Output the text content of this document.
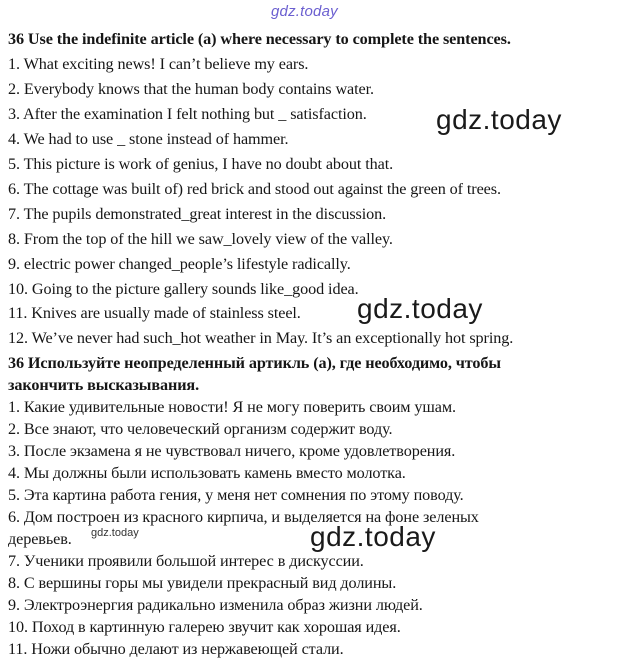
gdz.today
36 Use the indefinite article (a) where necessary to complete the sentences.
1. What exciting news! I can’t believe my ears.
2. Everybody knows that the human body contains water.
3. After the examination I felt nothing but _ satisfaction.
4. We had to use _ stone instead of hammer.
5. This picture is work of genius, I have no doubt about that.
6. The cottage was built of) red brick and stood out against the green of trees.
7. The pupils demonstrated_great interest in the discussion.
8. From the top of the hill we saw_lovely view of the valley.
9. electric power changed_people’s lifestyle radically.
10. Going to the picture gallery sounds like_good idea.
11. Knives are usually made of stainless steel.
12. We’ve never had such_hot weather in May. It’s an exceptionally hot spring.
36 Используйте неопределенный артикль (а), где необходимо, чтобы
закончить высказывания.
1. Какие удивительные новости! Я не могу поверить своим ушам.
2. Все знают, что человеческий организм содержит воду.
3. После экзамена я не чувствовал ничего, кроме удовлетворения.
4. Мы должны были использовать камень вместо молотка.
5. Эта картина работа гения, у меня нет сомнения по этому поводу.
6. Дом построен из красного кирпича, и выделяется на фоне зеленых
деревьев.
7. Ученики проявили большой интерес в дискуссии.
8. С вершины горы мы увидели прекрасный вид долины.
9. Электроэнергия радикально изменила образ жизни людей.
10. Поход в картинную галерею звучит как хорошая идея.
11. Ножи обычно делают из нержавеющей стали.
gdz.today
gdz.today
gdz.today	gdz.today
